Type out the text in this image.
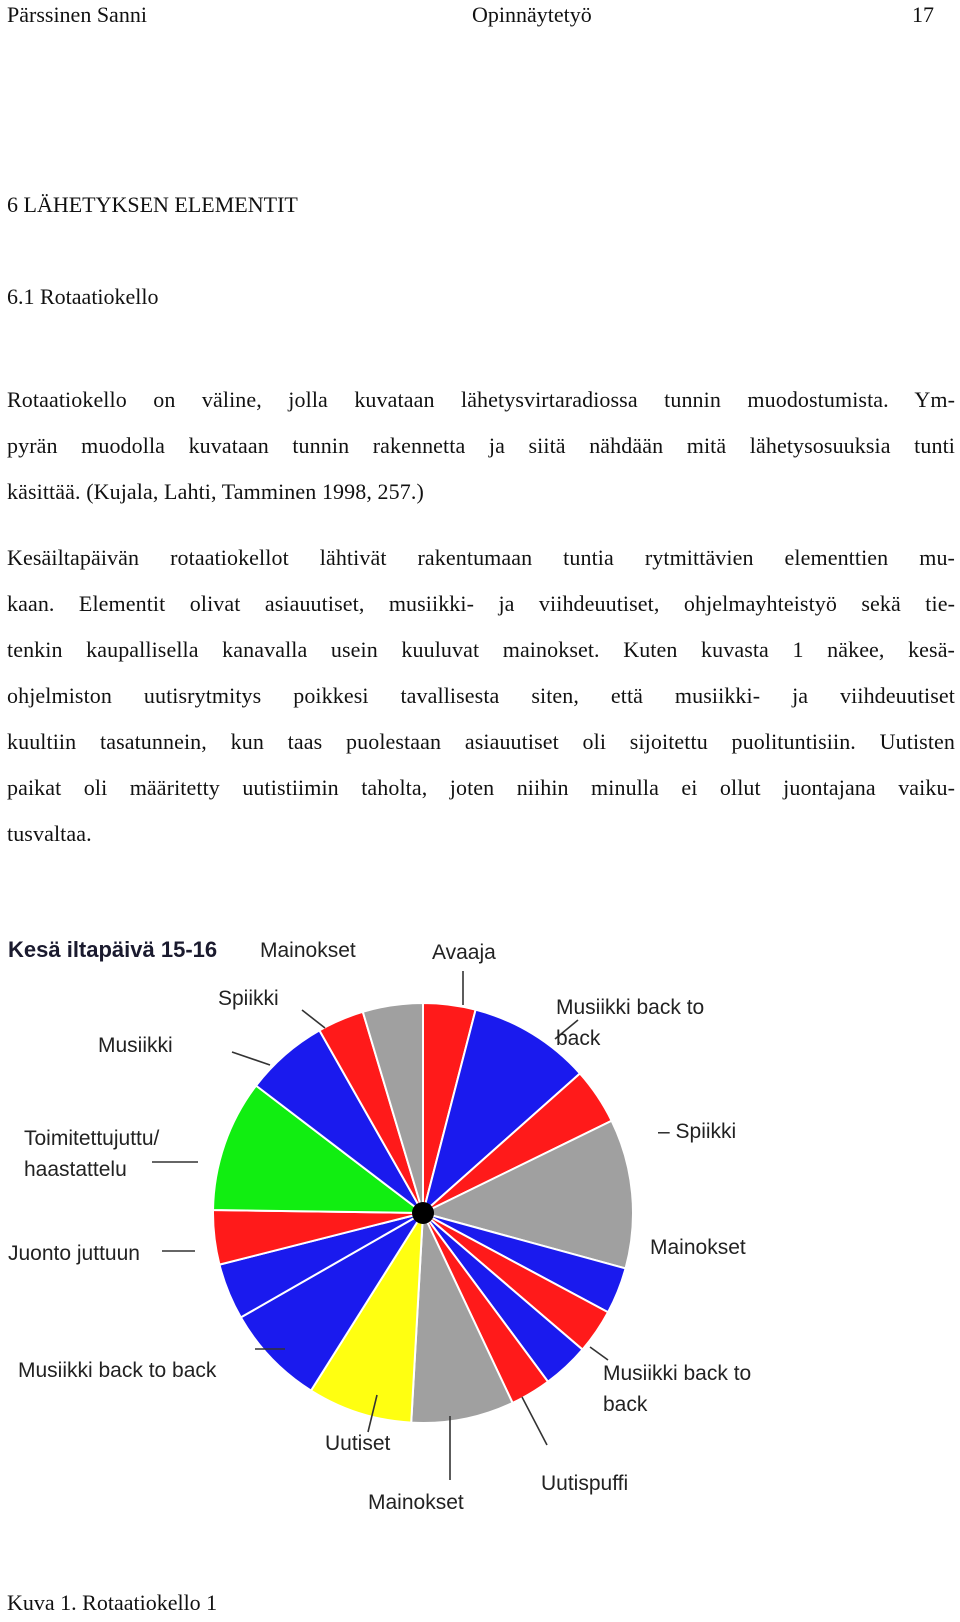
Pärssinen Sanni	Opinnäytetyö	17
6 LÄHETYKSEN ELEMENTIT
6.1 Rotaatiokello
Rotaatiokello on väline, jolla kuvataan lähetysvirtaradiossa tunnin muodostumista. Ym-
pyrän muodolla kuvataan tunnin rakennetta ja siitä nähdään mitä lähetysosuuksia tunti
käsittää. (Kujala, Lahti, Tamminen 1998, 257.)
Kesäiltapäivän rotaatiokellot lähtivät rakentumaan tuntia rytmittävien elementtien mu-
kaan. Elementit olivat asiauutiset, musiikki- ja viihdeuutiset, ohjelmayhteistyö sekä tie-
tenkin kaupallisella kanavalla usein kuuluvat mainokset. Kuten kuvasta 1 näkee, kesä-
ohjelmiston uutisrytmitys poikkesi tavallisesta siten, että musiikki- ja viihdeuutiset
kuultiin tasatunnein, kun taas puolestaan asiauutiset oli sijoitettu puolituntisiin. Uutisten
paikat oli määritetty uutistiimin taholta, joten niihin minulla ei ollut juontajana vaiku-
tusvaltaa.
Kesä iltapäivä 15-16 Mainokset	Avaaja
Spiikki	Musiikki back to
back
Musiikki
– Spiikki
Toimitettujuttu/
haastattelu
Mainokset
Juonto juttuun
Musiikki back to back	Musiikki back to
back
Uutiset
Uutispuffi
Mainokset
Kuva 1. Rotaatiokello 1
